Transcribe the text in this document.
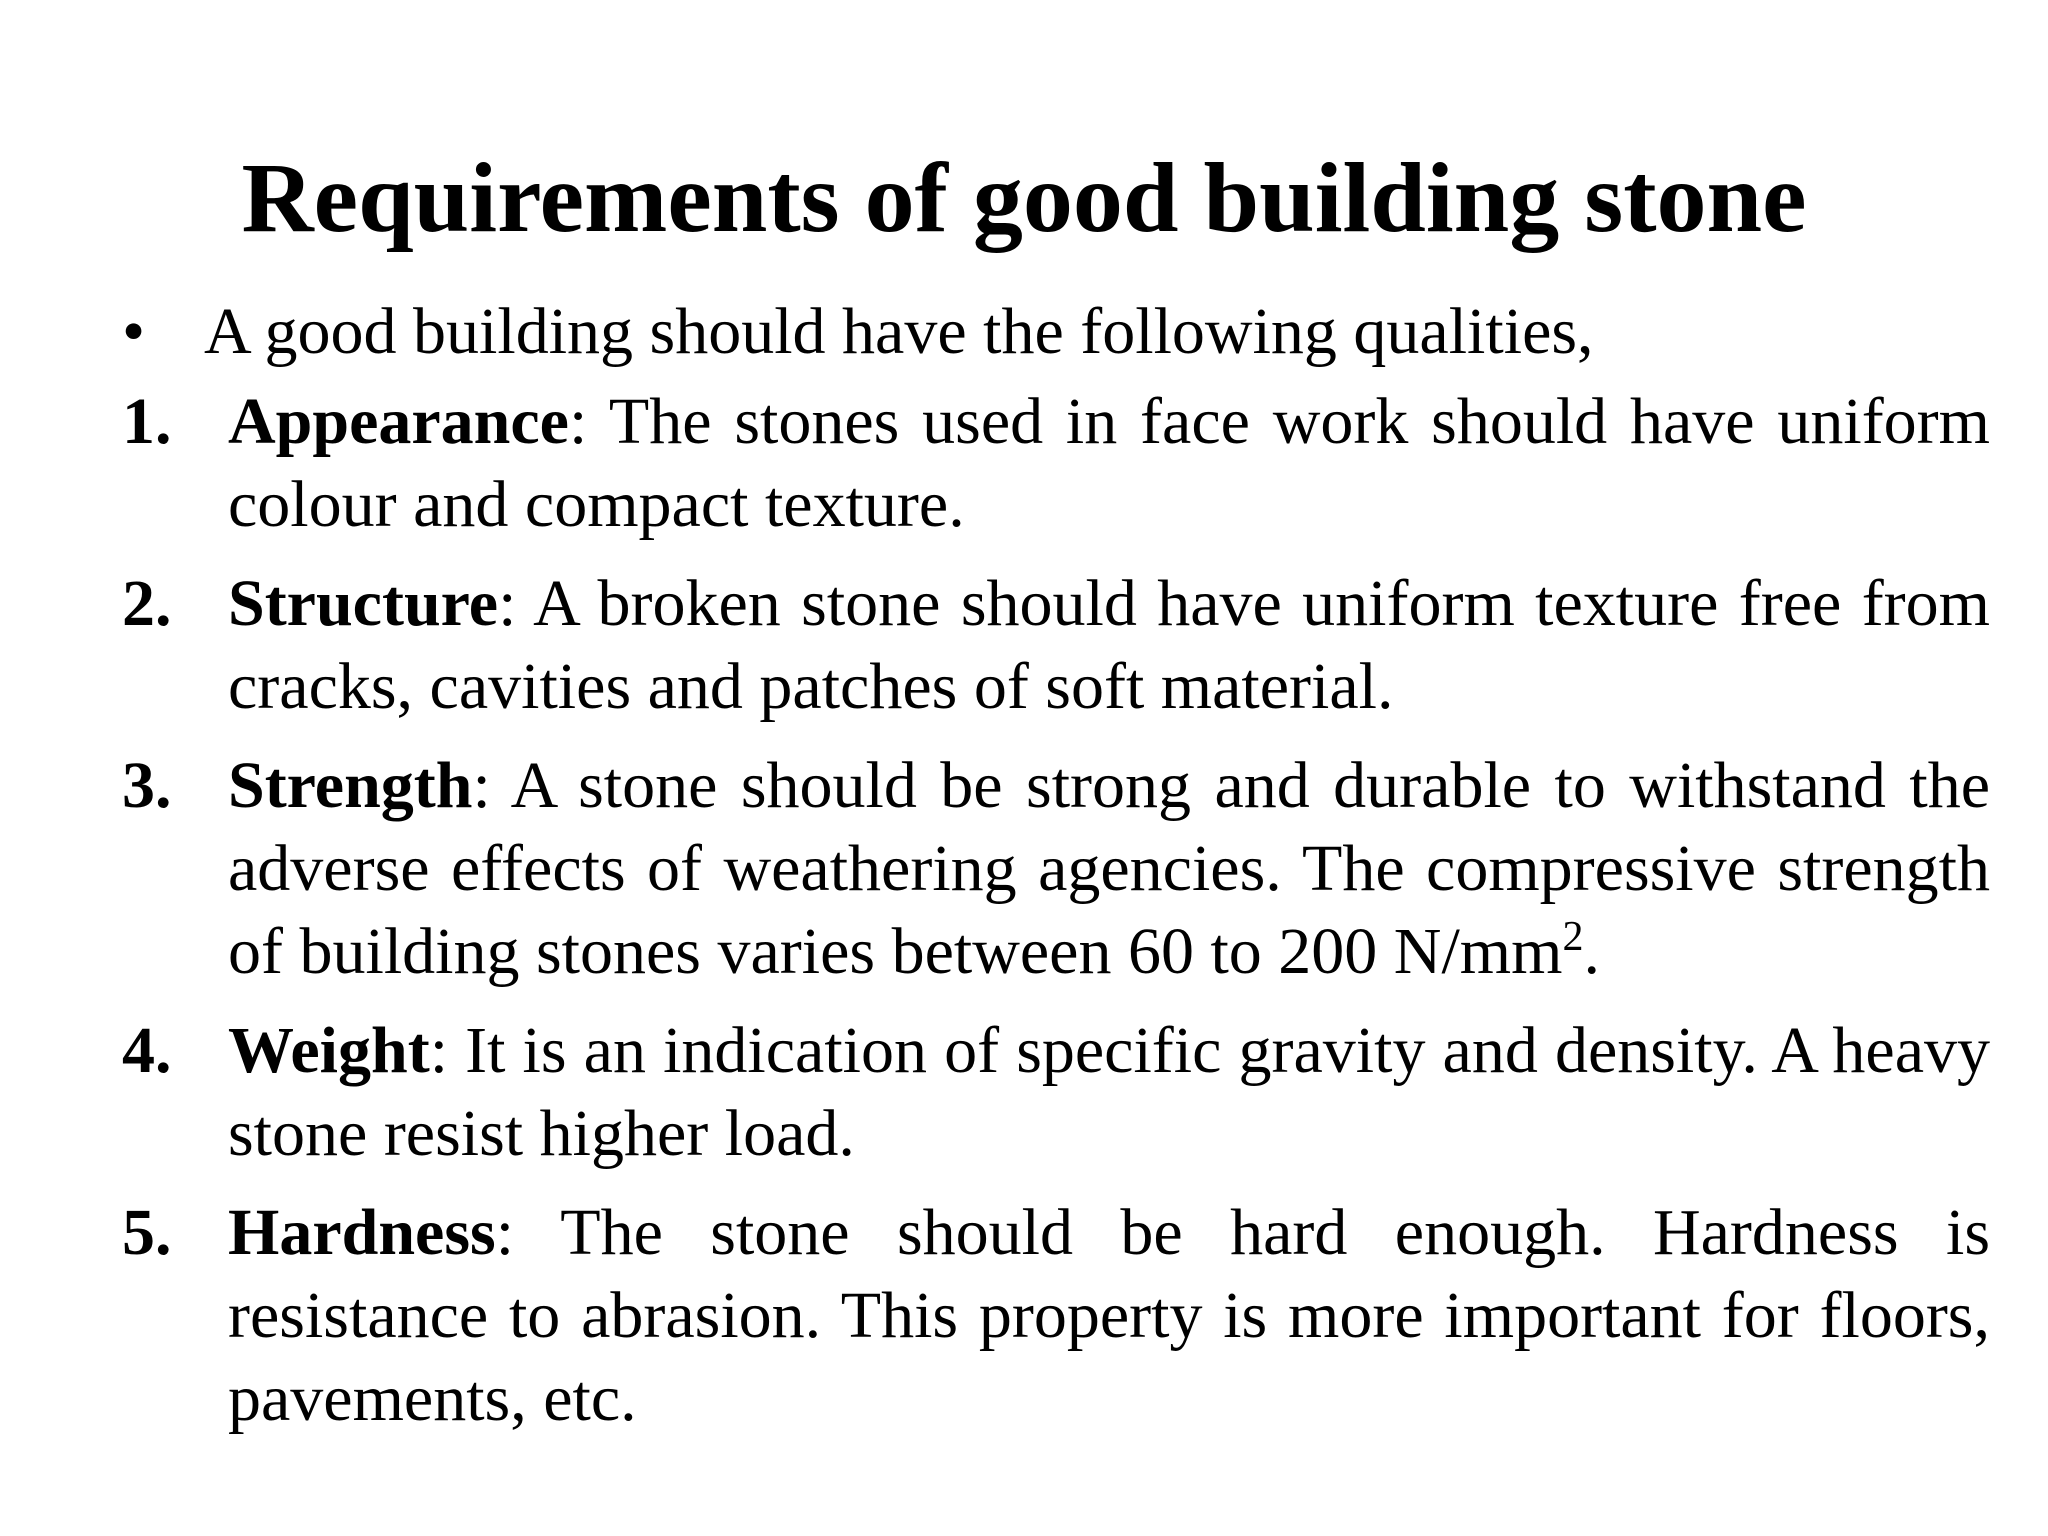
Requirements of good building stone
• A good building should have the following qualities,
1. Appearance: The stones used in face work should have uniform colour and compact texture.
2. Structure: A broken stone should have uniform texture free from cracks, cavities and patches of soft material.
3. Strength: A stone should be strong and durable to withstand the adverse effects of weathering agencies. The compressive strength of building stones varies between 60 to 200 $N/mm^2$.
4. Weight: It is an indication of specific gravity and density. A heavy stone resist higher load.
5. Hardness: The stone should be hard enough. Hardness is resistance to abrasion. This property is more important for floors, pavements, etc.
